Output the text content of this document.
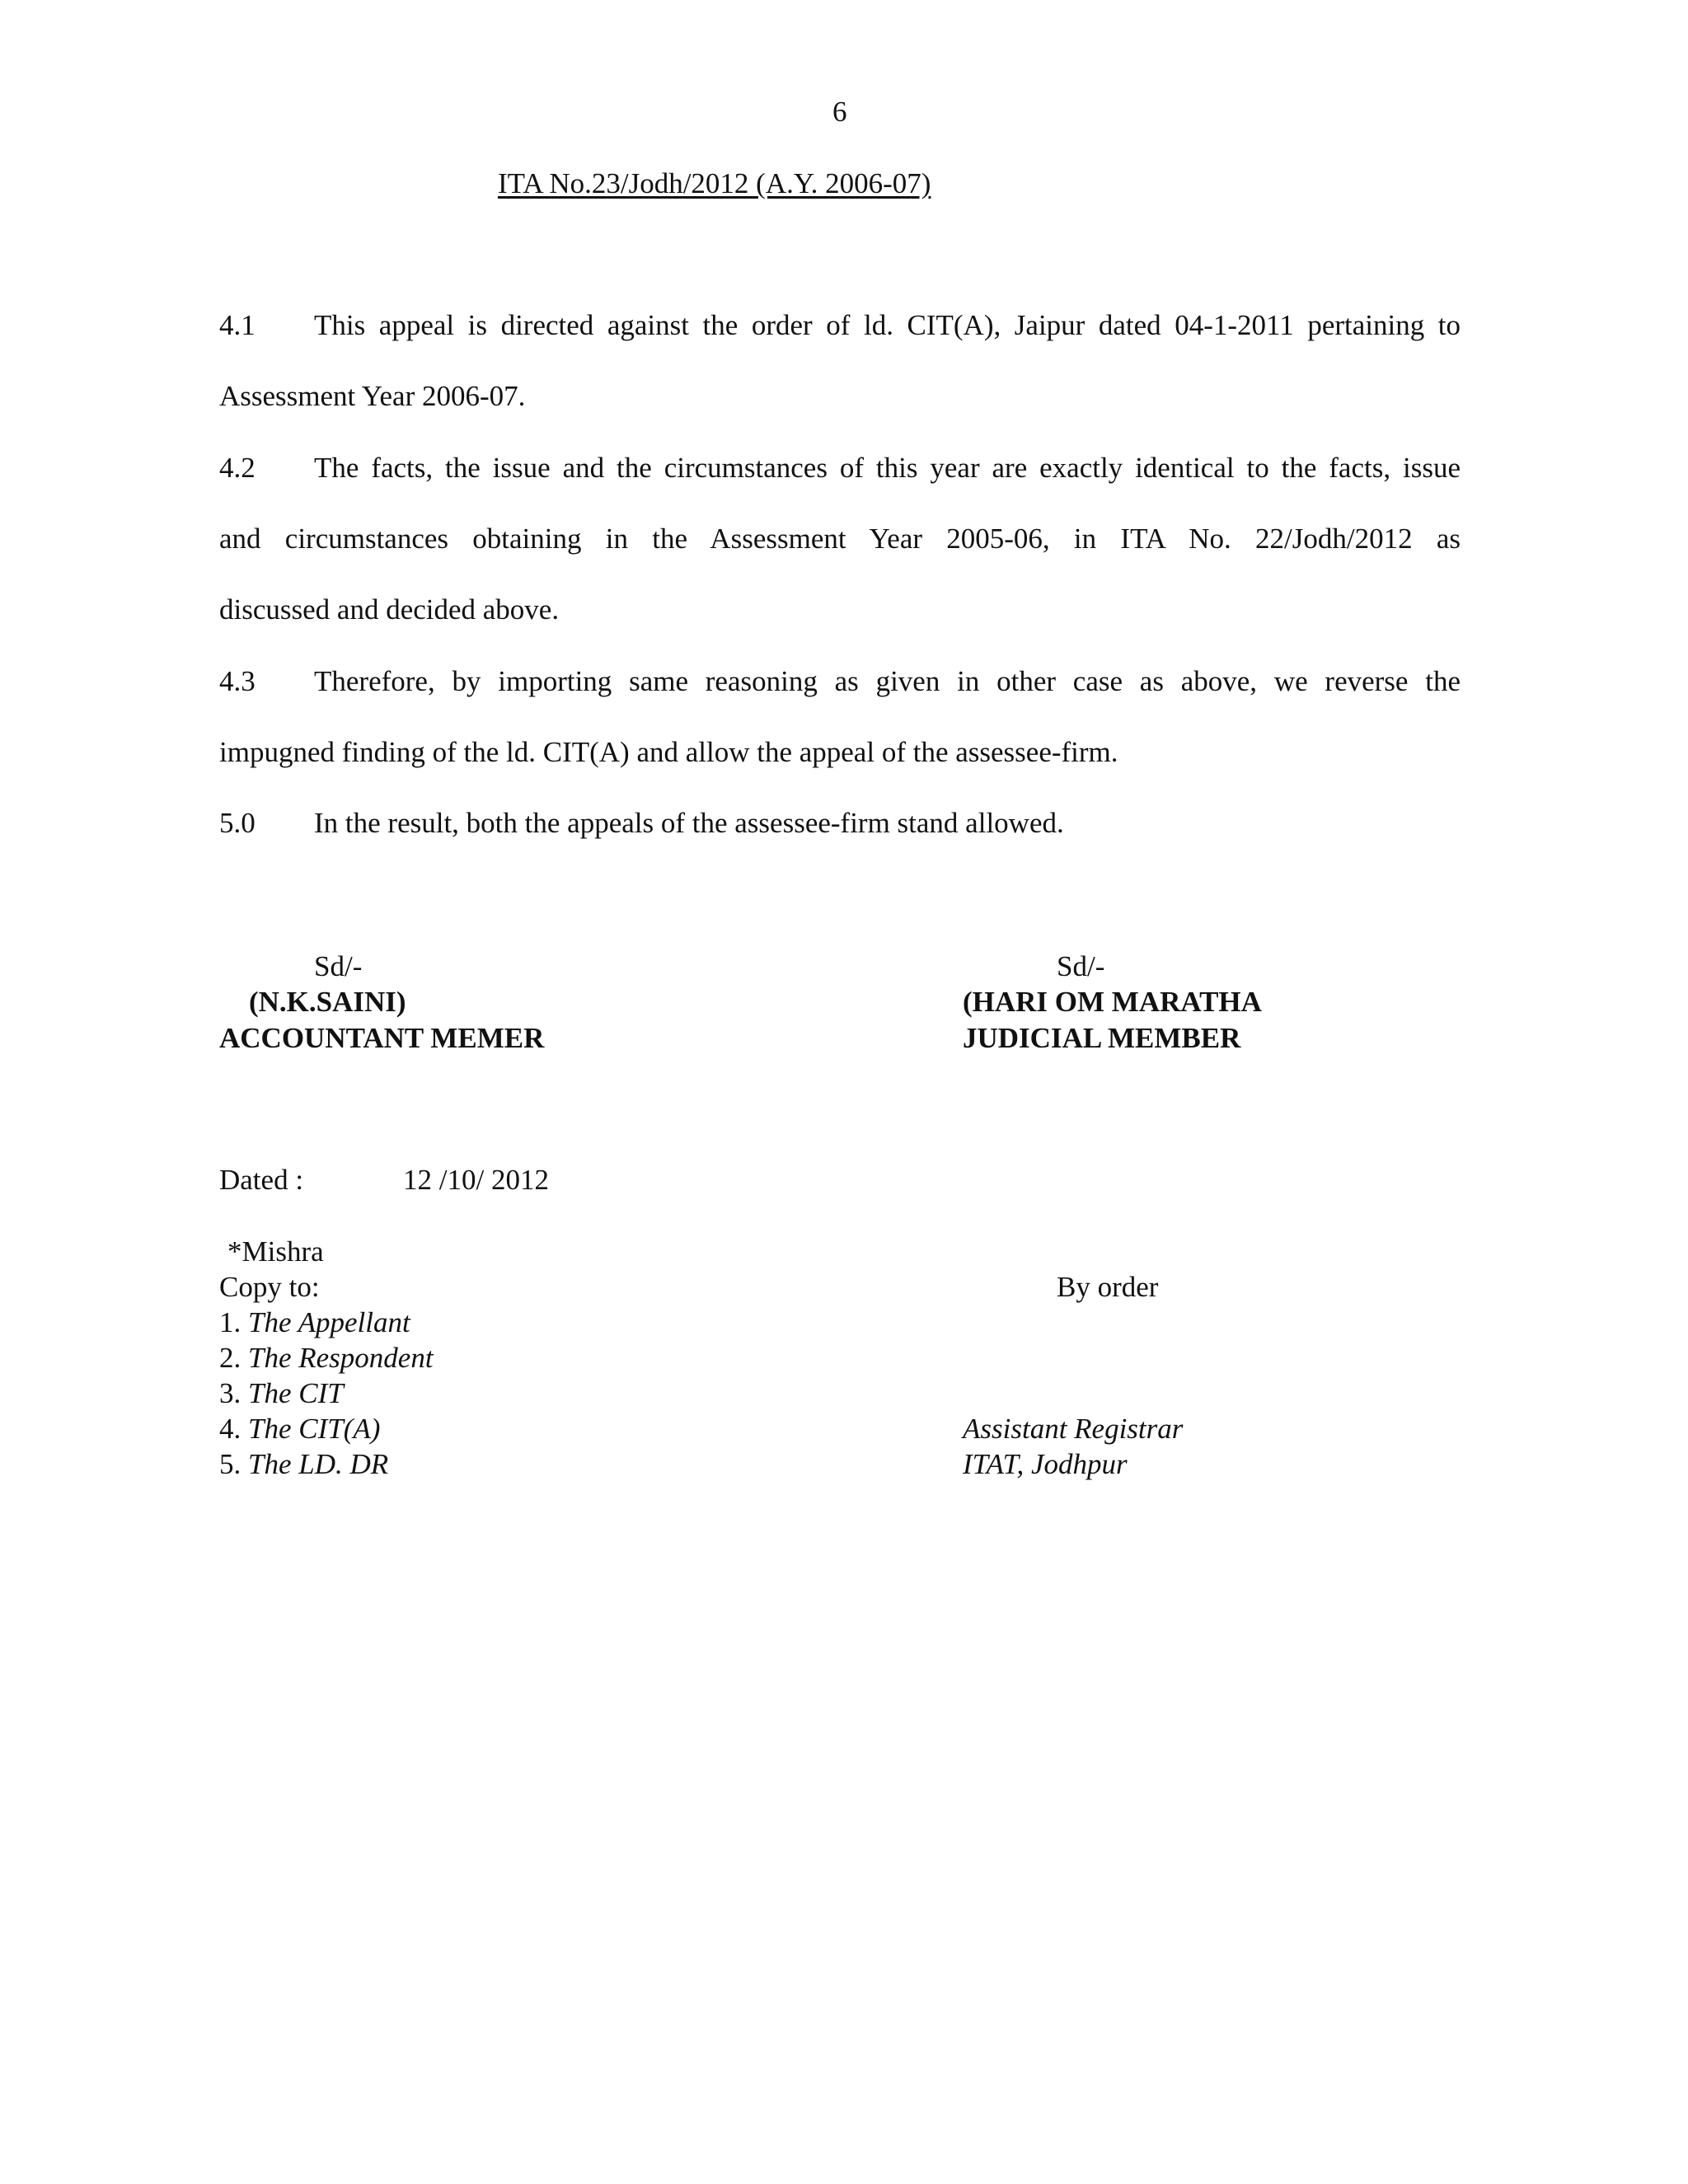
6
ITA No.23/Jodh/2012 (A.Y. 2006-07)
4.1 This appeal is directed against the order of ld. CIT(A), Jaipur dated 04-1-2011 pertaining to
Assessment Year 2006-07.
4.2 The facts, the issue and the circumstances of this year are exactly identical to the facts, issue
and circumstances obtaining in the Assessment Year 2005-06, in ITA No. 22/Jodh/2012 as
discussed and decided above.
4.3 Therefore, by importing same reasoning as given in other case as above, we reverse the
impugned finding of the ld. CIT(A) and allow the appeal of the assessee-firm.
5.0 In the result, both the appeals of the assessee-firm stand allowed.
Sd/-
(N.K.SAINI)
ACCOUNTANT MEMER
Sd/-
(HARI OM MARATHA
JUDICIAL MEMBER
Dated :	12 /10/ 2012
*Mishra
Copy to:	By order
1. The Appellant
2. The Respondent
3. The CIT
4. The CIT(A)
5. The LD. DR
Assistant Registrar
ITAT, Jodhpur
